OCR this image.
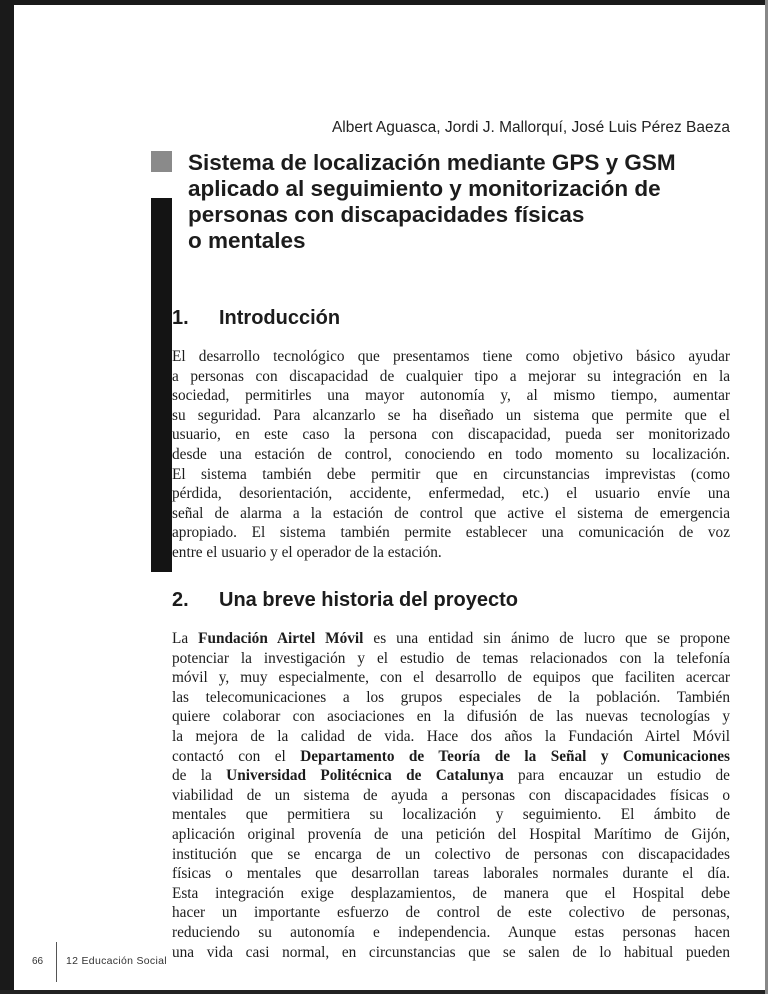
Albert Aguasca, Jordi J. Mallorquí, José Luis Pérez Baeza
Sistema de localización mediante GPS y GSM
aplicado al seguimiento y monitorización de
personas con discapacidades físicas
o mentales
1. Introducción
El desarrollo tecnológico que presentamos tiene como objetivo básico ayudar
a personas con discapacidad de cualquier tipo a mejorar su integración en la
sociedad, permitirles una mayor autonomía y, al mismo tiempo, aumentar
su seguridad. Para alcanzarlo se ha diseñado un sistema que permite que el
usuario, en este caso la persona con discapacidad, pueda ser monitorizado
desde una estación de control, conociendo en todo momento su localización.
El sistema también debe permitir que en circunstancias imprevistas (como
pérdida, desorientación, accidente, enfermedad, etc.) el usuario envíe una
señal de alarma a la estación de control que active el sistema de emergencia
apropiado. El sistema también permite establecer una comunicación de voz
entre el usuario y el operador de la estación.
2. Una breve historia del proyecto
La Fundación Airtel Móvil es una entidad sin ánimo de lucro que se propone
potenciar la investigación y el estudio de temas relacionados con la telefonía
móvil y, muy especialmente, con el desarrollo de equipos que faciliten acercar
las telecomunicaciones a los grupos especiales de la población. También
quiere colaborar con asociaciones en la difusión de las nuevas tecnologías y
la mejora de la calidad de vida. Hace dos años la Fundación Airtel Móvil
contactó con el Departamento de Teoría de la Señal y Comunicaciones
de la Universidad Politécnica de Catalunya para encauzar un estudio de
viabilidad de un sistema de ayuda a personas con discapacidades físicas o
mentales que permitiera su localización y seguimiento. El ámbito de
aplicación original provenía de una petición del Hospital Marítimo de Gijón,
institución que se encarga de un colectivo de personas con discapacidades
físicas o mentales que desarrollan tareas laborales normales durante el día.
Esta integración exige desplazamientos, de manera que el Hospital debe
hacer un importante esfuerzo de control de este colectivo de personas,
reduciendo su autonomía e independencia. Aunque estas personas hacen
una vida casi normal, en circunstancias que se salen de lo habitual pueden
66 12 Educación Social
